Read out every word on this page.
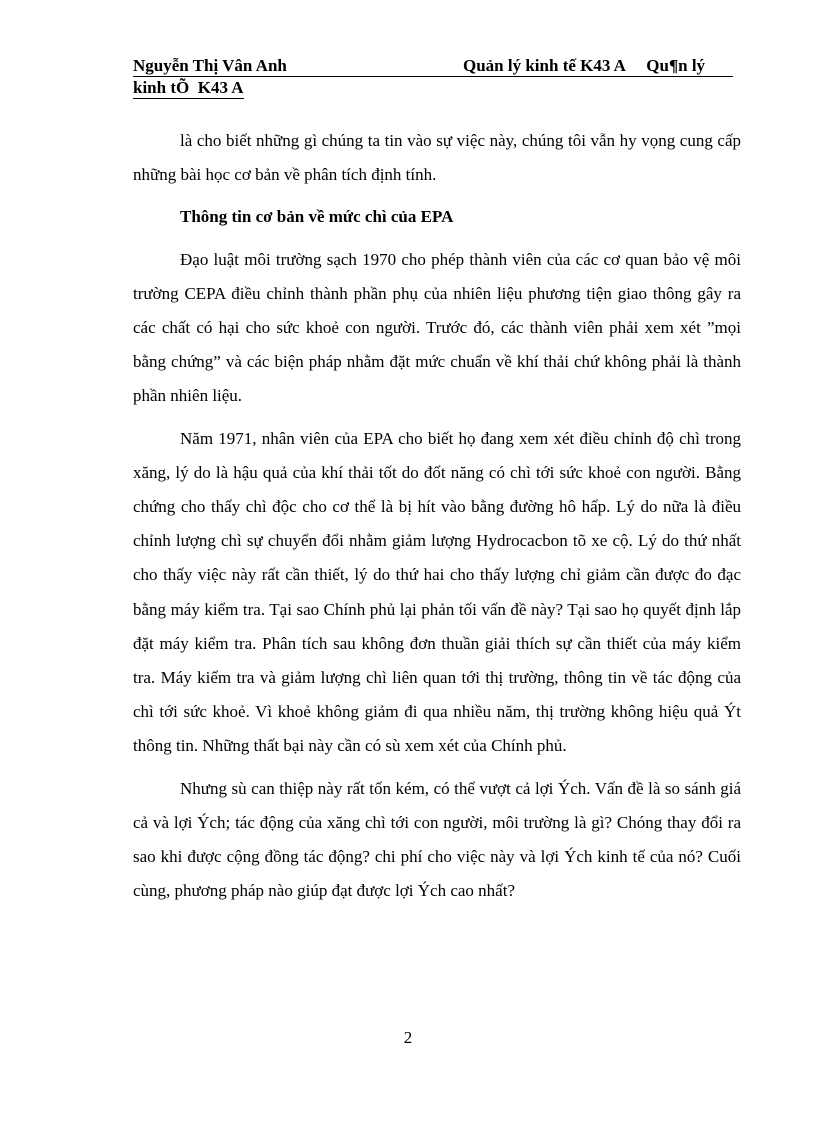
Nguyễn Thị Vân Anh	Quản lý kinh tế K43 A     Qu¶n lý
kinh tÕ  K43 A

là cho biết những gì chúng ta tin vào sự việc này, chúng tôi vẫn hy vọng cung cấp những bài học cơ bản về phân tích định tính.

Thông tin cơ bản về mức chì của EPA

Đạo luật môi trường sạch 1970 cho phép thành viên của các cơ quan bảo vệ môi trường CEPA điều chỉnh thành phần phụ của nhiên liệu phương tiện giao thông gây ra các chất có hại cho sức khoẻ con người. Trước đó, các thành viên phải xem xét ”mọi bằng chứng” và các biện pháp nhằm đặt mức chuẩn về khí thải chứ không phải là thành phần nhiên liệu.

Năm 1971, nhân viên của EPA cho biết họ đang xem xét điều chỉnh độ chì trong xăng, lý do là hậu quả của khí thải tốt do đốt năng có chì tới sức khoẻ con người. Bằng chứng cho thấy chì độc cho cơ thể là bị hít vào bằng đường hô hấp. Lý do nữa là điều chỉnh lượng chì sự chuyển đổi nhằm giảm lượng Hydrocacbon tõ xe cộ. Lý do thứ nhất cho thấy việc này rất cần thiết, lý do thứ hai cho thấy lượng chỉ giảm cần được đo đạc bằng máy kiểm tra. Tại sao Chính phủ lại phản tối vấn đề này? Tại sao họ quyết định lắp đặt máy kiểm tra. Phân tích sau không đơn thuần giải thích sự cần thiết của máy kiểm tra. Máy kiểm tra và giảm lượng chì liên quan tới thị trường, thông tin về tác động của chì tới sức khoẻ. Vì khoẻ không giảm đi qua nhiều năm, thị trường không hiệu quả Ýt thông tin. Những thất bại này cần có sù xem xét của Chính phủ.

Nhưng sù can thiệp này rất tốn kém, có thể vượt cả lợi Ých. Vấn đề là so sánh giá cả và lợi Ých; tác động của xăng chì tới con người, môi trường là gì? Chóng thay đổi ra sao khi được cộng đồng tác động? chi phí cho việc này và lợi Ých kinh tế của nó? Cuối cùng, phương pháp nào giúp đạt được lợi Ých cao nhất?

2
